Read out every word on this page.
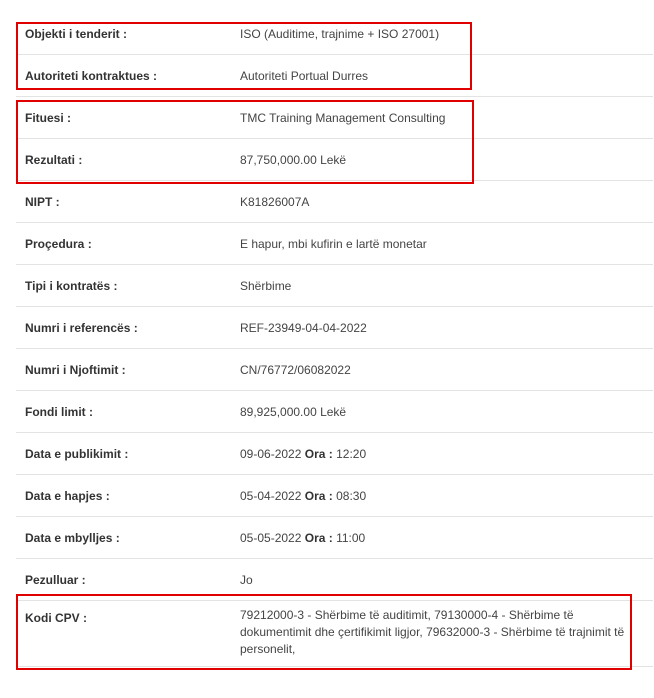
Objekti i tenderit :	ISO (Auditime, trajnime + ISO 27001)
Autoriteti kontraktues :	Autoriteti Portual Durres
Fituesi :	TMC Training Management Consulting
Rezultati :	87,750,000.00 Lekë
NIPT :	K81826007A
Proçedura :	E hapur, mbi kufirin e lartë monetar
Tipi i kontratës :	Shërbime
Numri i referencës :	REF-23949-04-04-2022
Numri i Njoftimit :	CN/76772/06082022
Fondi limit :	89,925,000.00 Lekë
Data e publikimit :	09-06-2022 Ora : 12:20
Data e hapjes :	05-04-2022 Ora : 08:30
Data e mbylljes :	05-05-2022 Ora : 11:00
Pezulluar :	Jo
Kodi CPV :	79212000-3 - Shërbime të auditimit, 79130000-4 - Shërbime të dokumentimit dhe çertifikimit ligjor, 79632000-3 - Shërbime të trajnimit të personelit,
